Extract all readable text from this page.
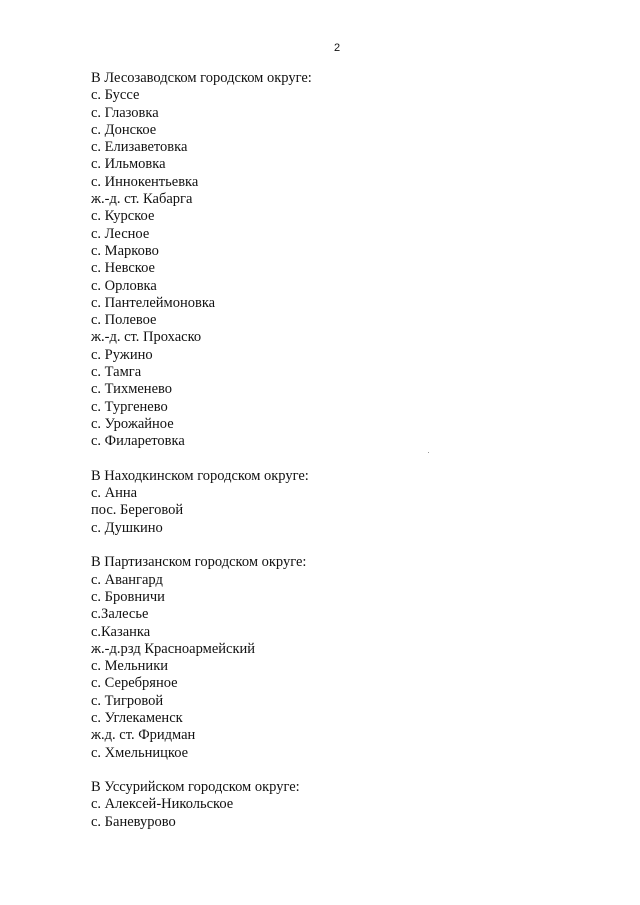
2
В Лесозаводском городском округе:
с. Буссе
с. Глазовка
с. Донское
с. Елизаветовка
с. Ильмовка
с. Иннокентьевка
ж.-д. ст. Кабарга
с. Курское
с. Лесное
с. Марково
с. Невское
с. Орловка
с. Пантелеймоновка
с. Полевое
ж.-д. ст. Прохаско
с. Ружино
с. Тамга
с. Тихменево
с. Тургенево
с. Урожайное
с. Филаретовка
В Находкинском городском округе:
с. Анна
пос. Береговой
с. Душкино
В Партизанском городском округе:
с. Авангард
с. Бровничи
с.Залесье
с.Казанка
ж.-д.рзд Красноармейский
с. Мельники
с. Серебряное
с. Тигровой
с. Углекаменск
ж.д. ст. Фридман
с. Хмельницкое
В Уссурийском городском округе:
с. Алексей-Никольское
с. Баневурово
